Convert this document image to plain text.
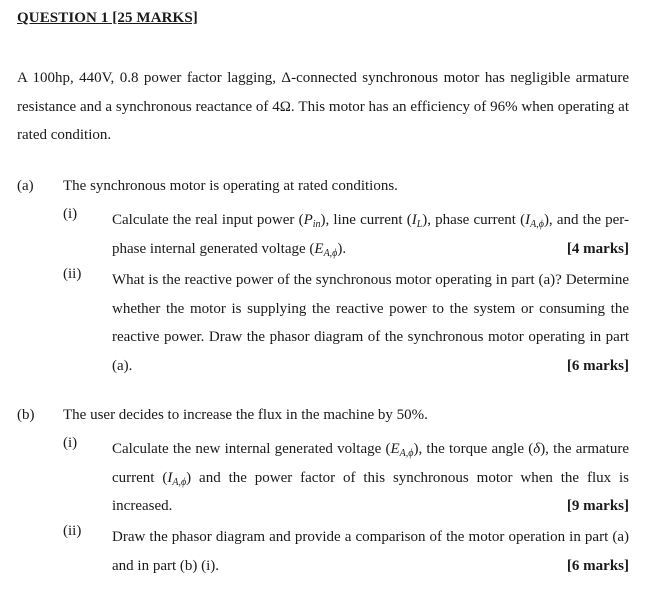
QUESTION 1 [25 MARKS]
A 100hp, 440V, 0.8 power factor lagging, Δ-connected synchronous motor has negligible armature resistance and a synchronous reactance of 4Ω. This motor has an efficiency of 96% when operating at rated condition.
(a) The synchronous motor is operating at rated conditions.
(i) Calculate the real input power $(P_{in})$, line current $(I_L)$, phase current $(I_{A,\phi})$, and the per-phase internal generated voltage $(E_{A,\phi})$.	[4 marks]
(ii) What is the reactive power of the synchronous motor operating in part (a)? Determine whether the motor is supplying the reactive power to the system or consuming the reactive power. Draw the phasor diagram of the synchronous motor operating in part (a).	[6 marks]
(b) The user decides to increase the flux in the machine by 50%.
(i) Calculate the new internal generated voltage $(E_{A,\phi})$, the torque angle (δ), the armature current $(I_{A,\phi})$ and the power factor of this synchronous motor when the flux is increased.	[9 marks]
(ii) Draw the phasor diagram and provide a comparison of the motor operation in part (a) and in part (b) (i).	[6 marks]
